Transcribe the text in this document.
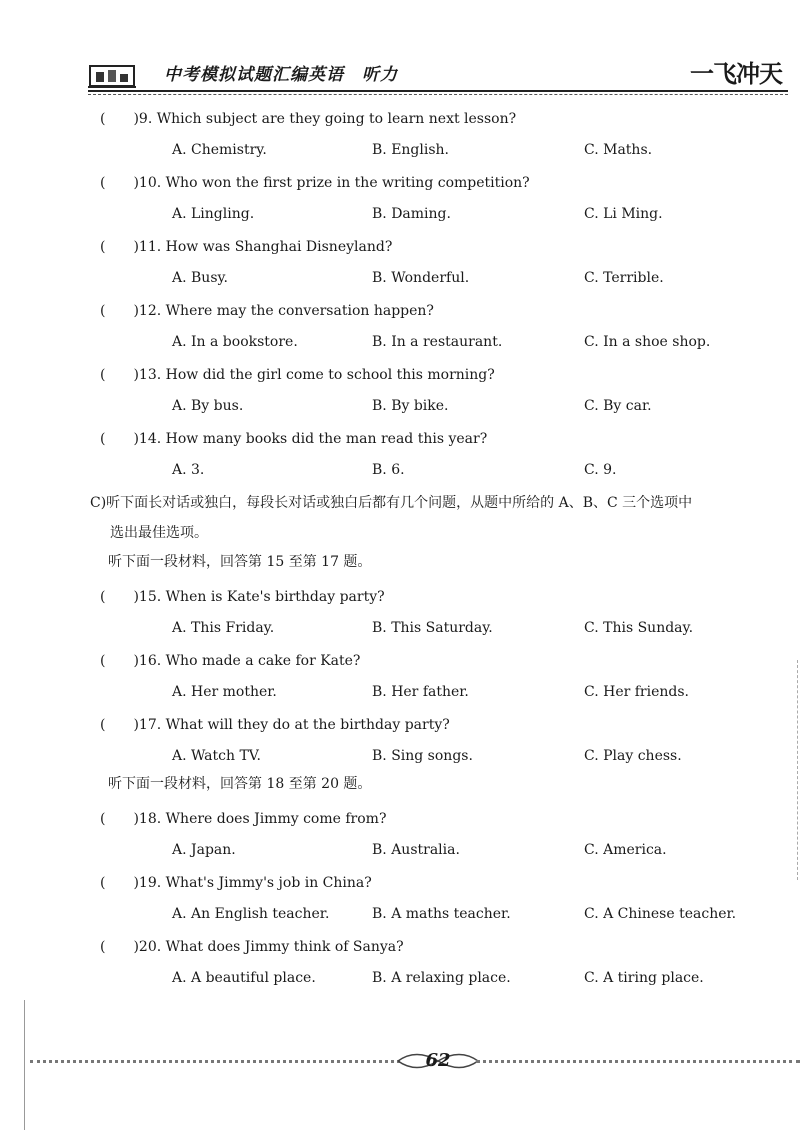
中考模拟试题汇编英语　听力	一飞冲天
(　　)9. Which subject are they going to learn next lesson?
A. Chemistry.	B. English.	C. Maths.
(　　)10. Who won the first prize in the writing competition?
A. Lingling.	B. Daming.	C. Li Ming.
(　　)11. How was Shanghai Disneyland?
A. Busy.	B. Wonderful.	C. Terrible.
(　　)12. Where may the conversation happen?
A. In a bookstore.	B. In a restaurant.	C. In a shoe shop.
(　　)13. How did the girl come to school this morning?
A. By bus.	B. By bike.	C. By car.
(　　)14. How many books did the man read this year?
A. 3.	B. 6.	C. 9.
C)听下面长对话或独白，每段长对话或独白后都有几个问题，从题中所给的 A、B、C 三个选项中
选出最佳选项。
听下面一段材料，回答第 15 至第 17 题。
(　　)15. When is Kate's birthday party?
A. This Friday.	B. This Saturday.	C. This Sunday.
(　　)16. Who made a cake for Kate?
A. Her mother.	B. Her father.	C. Her friends.
(　　)17. What will they do at the birthday party?
A. Watch TV.	B. Sing songs.	C. Play chess.
听下面一段材料，回答第 18 至第 20 题。
(　　)18. Where does Jimmy come from?
A. Japan.	B. Australia.	C. America.
(　　)19. What's Jimmy's job in China?
A. An English teacher.	B. A maths teacher.	C. A Chinese teacher.
(　　)20. What does Jimmy think of Sanya?
A. A beautiful place.	B. A relaxing place.	C. A tiring place.
62
